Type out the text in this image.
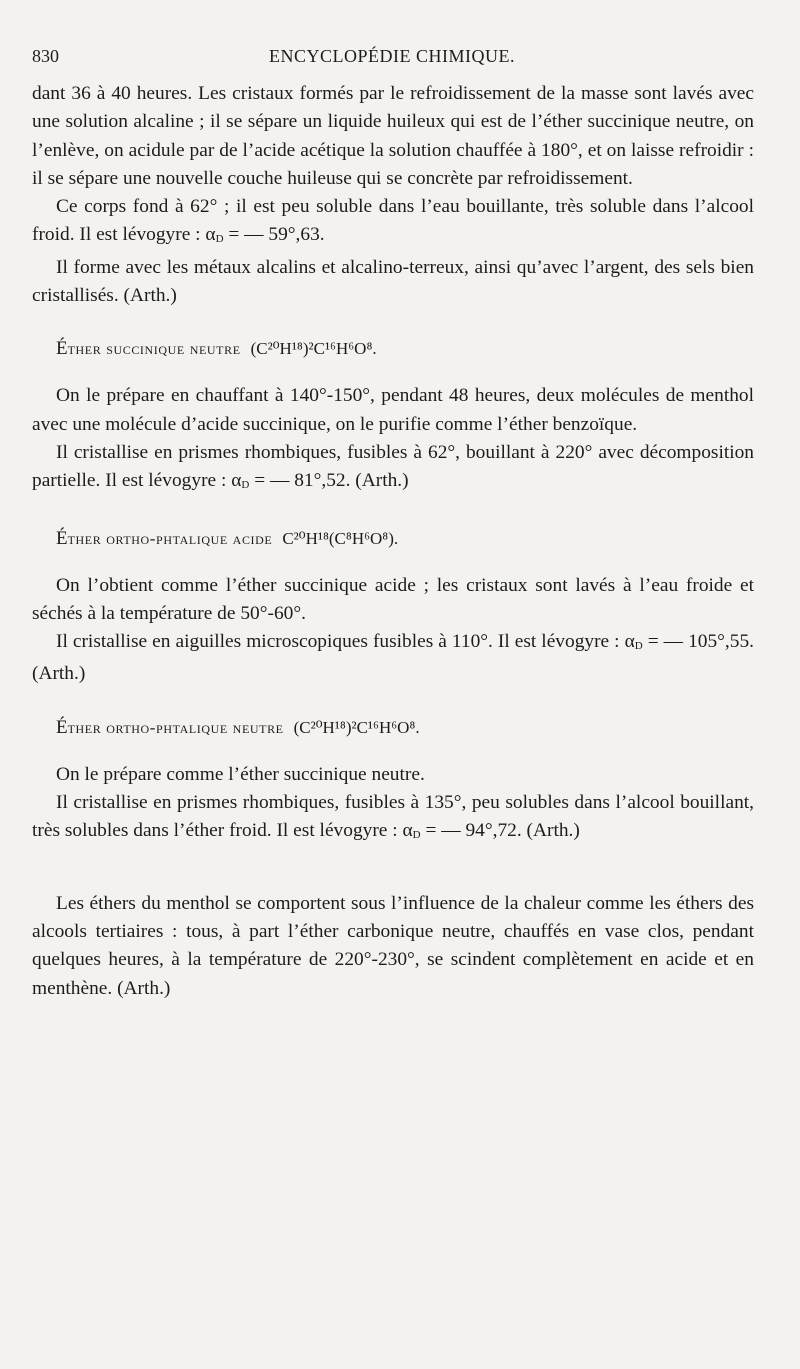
830	ENCYCLOPÉDIE CHIMIQUE.

dant 36 à 40 heures. Les cristaux formés par le refroidissement de la masse sont lavés avec une solution alcaline ; il se sépare un liquide huileux qui est de l’éther succinique neutre, on l’enlève, on acidule par de l’acide acétique la solution chauffée à 180°, et on laisse refroidir : il se sépare une nouvelle couche huileuse qui se concrète par refroidissement.

Ce corps fond à 62° ; il est peu soluble dans l’eau bouillante, très soluble dans l’alcool froid. Il est lévogyre : αD = — 59°,63.

Il forme avec les métaux alcalins et alcalino-terreux, ainsi qu’avec l’argent, des sels bien cristallisés. (Arth.)

Éther succinique neutre (C²⁰H¹⁸)²C¹⁶H⁶O⁸.

On le prépare en chauffant à 140°-150°, pendant 48 heures, deux molécules de menthol avec une molécule d’acide succinique, on le purifie comme l’éther benzoïque.

Il cristallise en prismes rhombiques, fusibles à 62°, bouillant à 220° avec décomposition partielle. Il est lévogyre : αD = — 81°,52. (Arth.)

Éther ortho-phtalique acide C²⁰H¹⁸(C⁸H⁶O⁸).

On l’obtient comme l’éther succinique acide ; les cristaux sont lavés à l’eau froide et séchés à la température de 50°-60°.

Il cristallise en aiguilles microscopiques fusibles à 110°. Il est lévogyre : αD = — 105°,55. (Arth.)

Éther ortho-phtalique neutre (C²⁰H¹⁸)²C¹⁶H⁶O⁸.

On le prépare comme l’éther succinique neutre.

Il cristallise en prismes rhombiques, fusibles à 135°, peu solubles dans l’alcool bouillant, très solubles dans l’éther froid. Il est lévogyre : αD = — 94°,72. (Arth.)

Les éthers du menthol se comportent sous l’influence de la chaleur comme les éthers des alcools tertiaires : tous, à part l’éther carbonique neutre, chauffés en vase clos, pendant quelques heures, à la température de 220°-230°, se scindent complètement en acide et en menthène. (Arth.)
